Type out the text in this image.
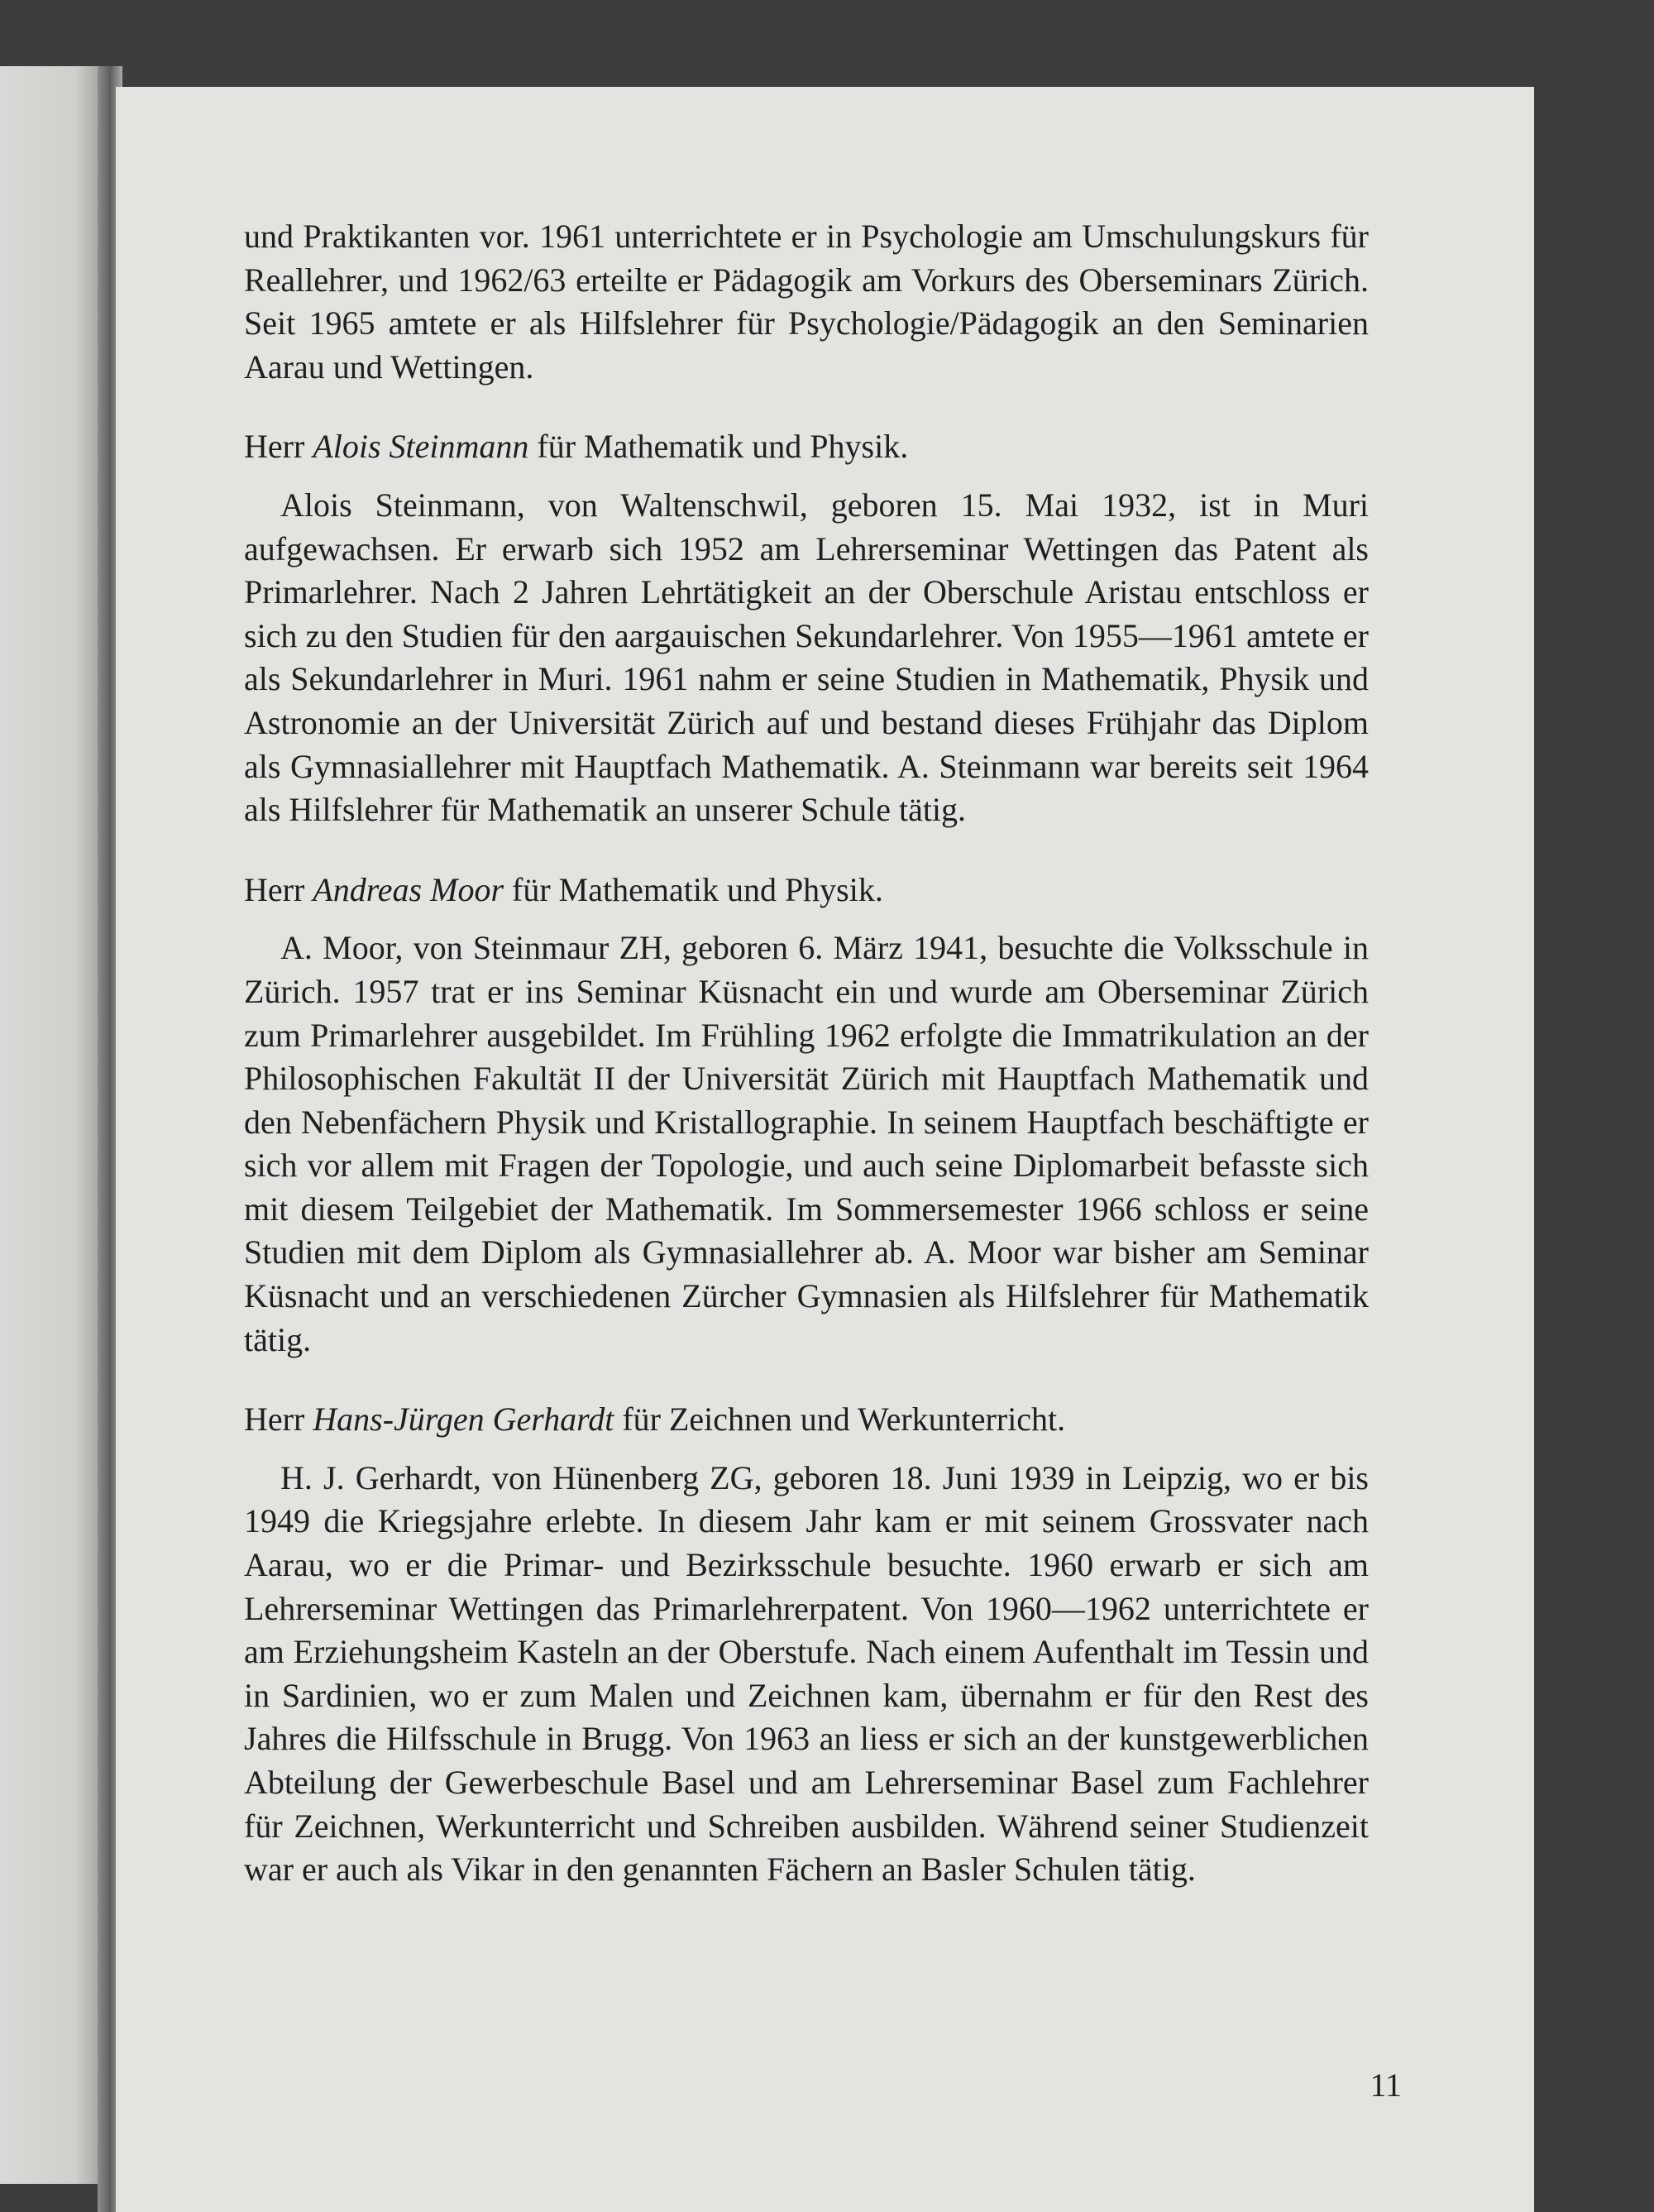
und Praktikanten vor. 1961 unterrichtete er in Psychologie am Umschulungskurs für Reallehrer, und 1962/63 erteilte er Pädagogik am Vorkurs des Oberseminars Zürich. Seit 1965 amtete er als Hilfslehrer für Psychologie/Pädagogik an den Seminarien Aarau und Wettingen.

Herr Alois Steinmann für Mathematik und Physik.

Alois Steinmann, von Waltenschwil, geboren 15. Mai 1932, ist in Muri aufgewachsen. Er erwarb sich 1952 am Lehrerseminar Wettingen das Patent als Primarlehrer. Nach 2 Jahren Lehrtätigkeit an der Oberschule Aristau entschloss er sich zu den Studien für den aargauischen Sekundarlehrer. Von 1955—1961 amtete er als Sekundarlehrer in Muri. 1961 nahm er seine Studien in Mathematik, Physik und Astronomie an der Universität Zürich auf und bestand dieses Frühjahr das Diplom als Gymnasiallehrer mit Hauptfach Mathematik. A. Steinmann war bereits seit 1964 als Hilfslehrer für Mathematik an unserer Schule tätig.

Herr Andreas Moor für Mathematik und Physik.

A. Moor, von Steinmaur ZH, geboren 6. März 1941, besuchte die Volksschule in Zürich. 1957 trat er ins Seminar Küsnacht ein und wurde am Oberseminar Zürich zum Primarlehrer ausgebildet. Im Frühling 1962 erfolgte die Immatrikulation an der Philosophischen Fakultät II der Universität Zürich mit Hauptfach Mathematik und den Nebenfächern Physik und Kristallographie. In seinem Hauptfach beschäftigte er sich vor allem mit Fragen der Topologie, und auch seine Diplomarbeit befasste sich mit diesem Teilgebiet der Mathematik. Im Sommersemester 1966 schloss er seine Studien mit dem Diplom als Gymnasiallehrer ab. A. Moor war bisher am Seminar Küsnacht und an verschiedenen Zürcher Gymnasien als Hilfslehrer für Mathematik tätig.

Herr Hans-Jürgen Gerhardt für Zeichnen und Werkunterricht.

H. J. Gerhardt, von Hünenberg ZG, geboren 18. Juni 1939 in Leipzig, wo er bis 1949 die Kriegsjahre erlebte. In diesem Jahr kam er mit seinem Grossvater nach Aarau, wo er die Primar- und Bezirksschule besuchte. 1960 erwarb er sich am Lehrerseminar Wettingen das Primarlehrerpatent. Von 1960—1962 unterrichtete er am Erziehungsheim Kasteln an der Oberstufe. Nach einem Aufenthalt im Tessin und in Sardinien, wo er zum Malen und Zeichnen kam, übernahm er für den Rest des Jahres die Hilfsschule in Brugg. Von 1963 an liess er sich an der kunstgewerblichen Abteilung der Gewerbeschule Basel und am Lehrerseminar Basel zum Fachlehrer für Zeichnen, Werkunterricht und Schreiben ausbilden. Während seiner Studienzeit war er auch als Vikar in den genannten Fächern an Basler Schulen tätig.

11
